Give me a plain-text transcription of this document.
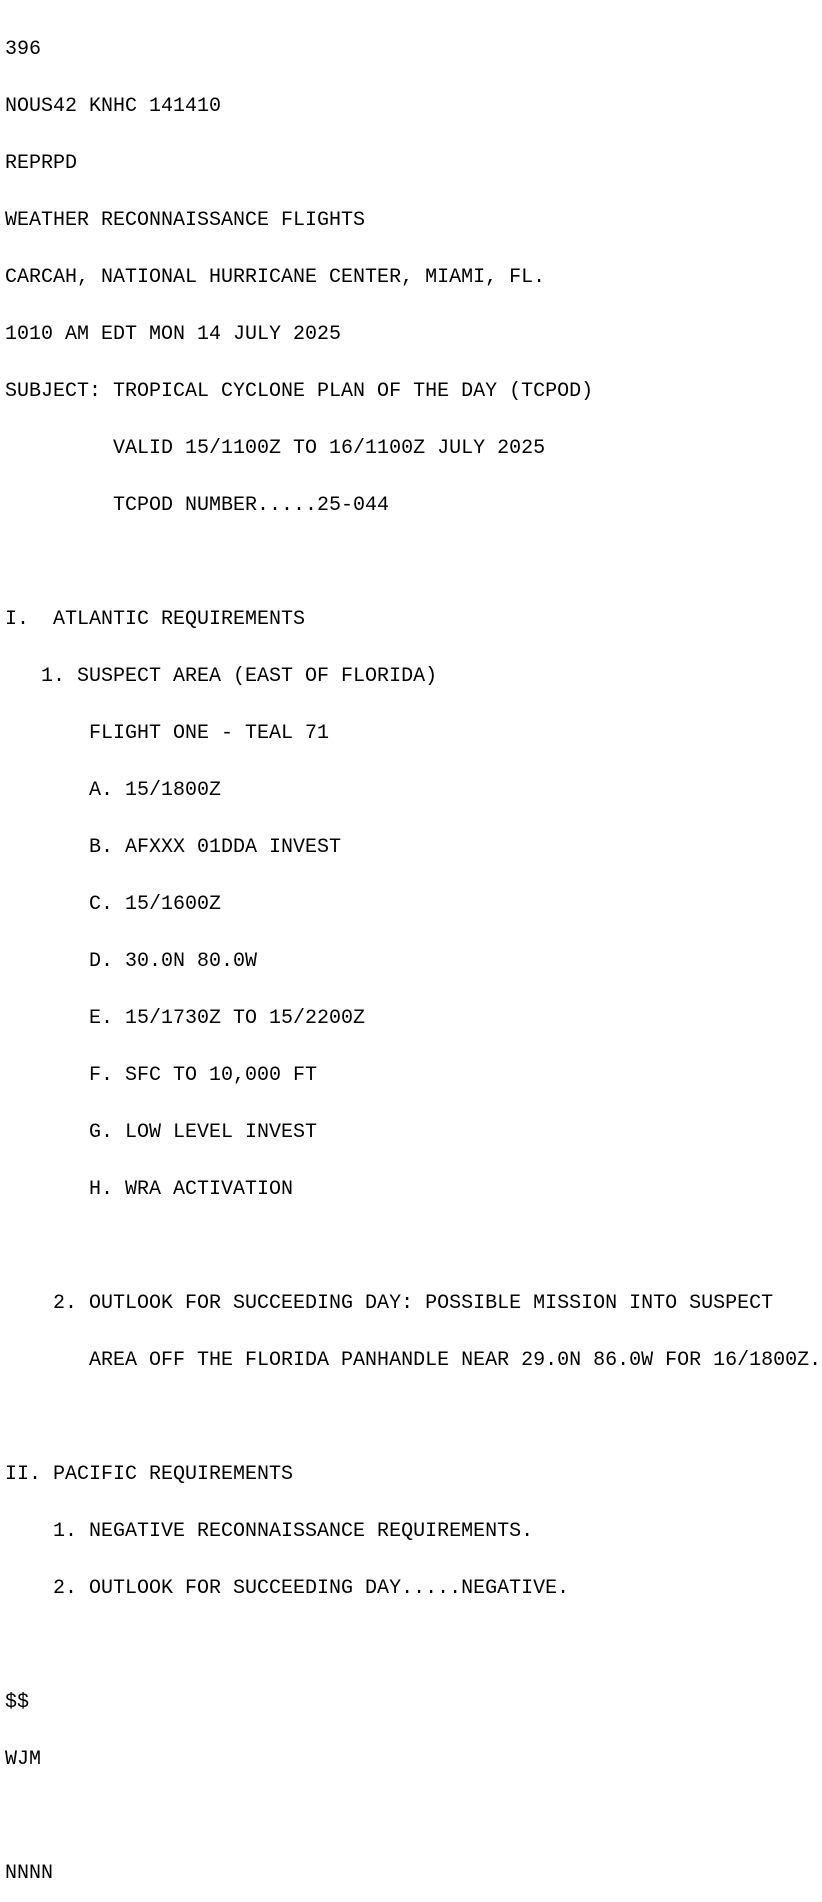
396

NOUS42 KNHC 141410

REPRPD

WEATHER RECONNAISSANCE FLIGHTS

CARCAH, NATIONAL HURRICANE CENTER, MIAMI, FL.

1010 AM EDT MON 14 JULY 2025

SUBJECT: TROPICAL CYCLONE PLAN OF THE DAY (TCPOD)

VALID 15/1100Z TO 16/1100Z JULY 2025

TCPOD NUMBER.....25-044

I.  ATLANTIC REQUIREMENTS

1. SUSPECT AREA (EAST OF FLORIDA)

FLIGHT ONE - TEAL 71

A. 15/1800Z

B. AFXXX 01DDA INVEST

C. 15/1600Z

D. 30.0N 80.0W

E. 15/1730Z TO 15/2200Z

F. SFC TO 10,000 FT

G. LOW LEVEL INVEST

H. WRA ACTIVATION

2. OUTLOOK FOR SUCCEEDING DAY: POSSIBLE MISSION INTO SUSPECT

AREA OFF THE FLORIDA PANHANDLE NEAR 29.0N 86.0W FOR 16/1800Z.

II. PACIFIC REQUIREMENTS

1. NEGATIVE RECONNAISSANCE REQUIREMENTS.

2. OUTLOOK FOR SUCCEEDING DAY.....NEGATIVE.

$$

WJM

NNNN
